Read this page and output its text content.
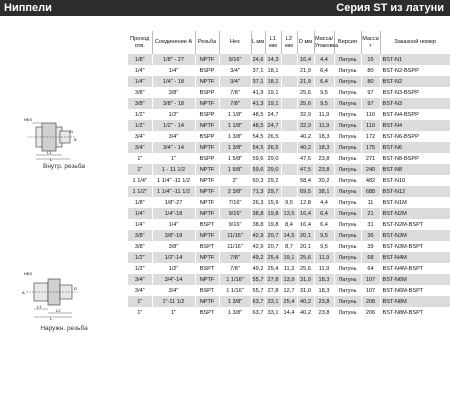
Ниппели	Серия ST из латуни
HEX
D
A
L1
L
Внутр. резьба
HEX
A
L1
L2
L
D
Наружн. резьба
Проход отв.	Соединение A	Резьба	Hex	L мм	L1 мм	L2 мм	D мм	Масса/ Упаковка	Версия	Масса г	Заказной номер
1/8"	1/8" - 27	NPTF	9/16"	24,6	14,3		16,4	4,4	Латунь	15	BST-N1
1/4"	1/4"	BSPP	3/4"	37,1	18,1		21,9	6,4	Латунь	80	BST-N2-BSPP
1/4"	1/4" - 18	NPTF	3/4"	37,1	18,1		21,9	6,4	Латунь	80	BST-N2
3/8"	3/8"	BSPP	7/8"	41,9	19,1		25,6	9,5	Латунь	97	BST-N3-BSPP
3/8"	3/8" - 18	NPTF	7/8"	41,3	19,1		25,6	9,5	Латунь	97	BST-N3
1/2"	1/2"	BSPP	1 1/8"	48,5	24,7		32,9	11,9	Латунь	110	BST-N4-BSPP
1/2"	1/2" - 14	NPTF	1 1/8"	48,5	24,7		32,9	11,9	Латунь	110	BST-N4
3/4"	3/4"	BSPP	1 3/8"	54,5	26,5		40,2	18,3	Латунь	172	BST-N6-BSPP
3/4"	3/4" - 14	NPTF	1 3/8"	54,5	26,5		40,2	18,3	Латунь	175	BST-N6
1"	1"	BSPP	1 5/8"	59,6	29,0		47,5	23,8	Латунь	271	BST-N8-BSPP
1"	1 - 11 1/2	NPTF	1 5/8"	59,6	29,0		47,5	23,8	Латунь	240	BST-N8
1 1/4"	1 1/4" -11 1/2	NPTF	2"	60,3	29,2		58,4	30,2	Латунь	482	BST-N10
1 1/2"	1 1/4" -11 1/2	NPTF	2 3/8"	71,3	29,7		69,5	38,1	Латунь	688	BST-N12
1/8"	1/8"-27	NPTF	7/16"	26,3	15,9	9,5	12,8	4,4	Латунь	11	BST-N1M
1/4"	1/4"-18	NPTF	9/16"	38,8	19,8	13,5	16,4	6,4	Латунь	21	BST-N2M
1/4"	1/4"	BSPT	9/16"	38,8	19,8	8,4	16,4	6,4	Латунь	31	BST-N2M-BSPT
3/8"	3/8"-18	NPTF	11/16"	42,9	20,7	14,5	20,1	9,5	Латунь	36	BST-N3M
3/8"	3/8"	BSPT	11/16"	42,9	20,7	8,7	20,1	9,5	Латунь	39	BST-N3M-BSPT
1/2"	1/2"-14	NPTF	7/8"	49,2	25,4	19,1	25,6	11,9	Латунь	68	BST-N4M
1/2"	1/2"	BSPT	7/8"	49,2	25,4	11,3	25,6	11,9	Латунь	64	BST-N4M-BSPT
3/4"	3/4"-14	NPTF	1 1/16"	55,7	27,8	13,9	31,0	18,3	Латунь	107	BST-N6M
3/4"	3/4"	BSPT	1 1/16"	55,7	27,8	12,7	31,0	18,3	Латунь	107	BST-N6M-BSPT
1"	1"-11 1/2	NPTF	1 3/8"	63,7	33,1	25,4	40,2	23,8	Латунь	208	BST-N8M
1"	1"	BSPT	1 3/8"	63,7	33,1	14,4	40,2	23,8	Латунь	206	BST-N8M-BSPT
